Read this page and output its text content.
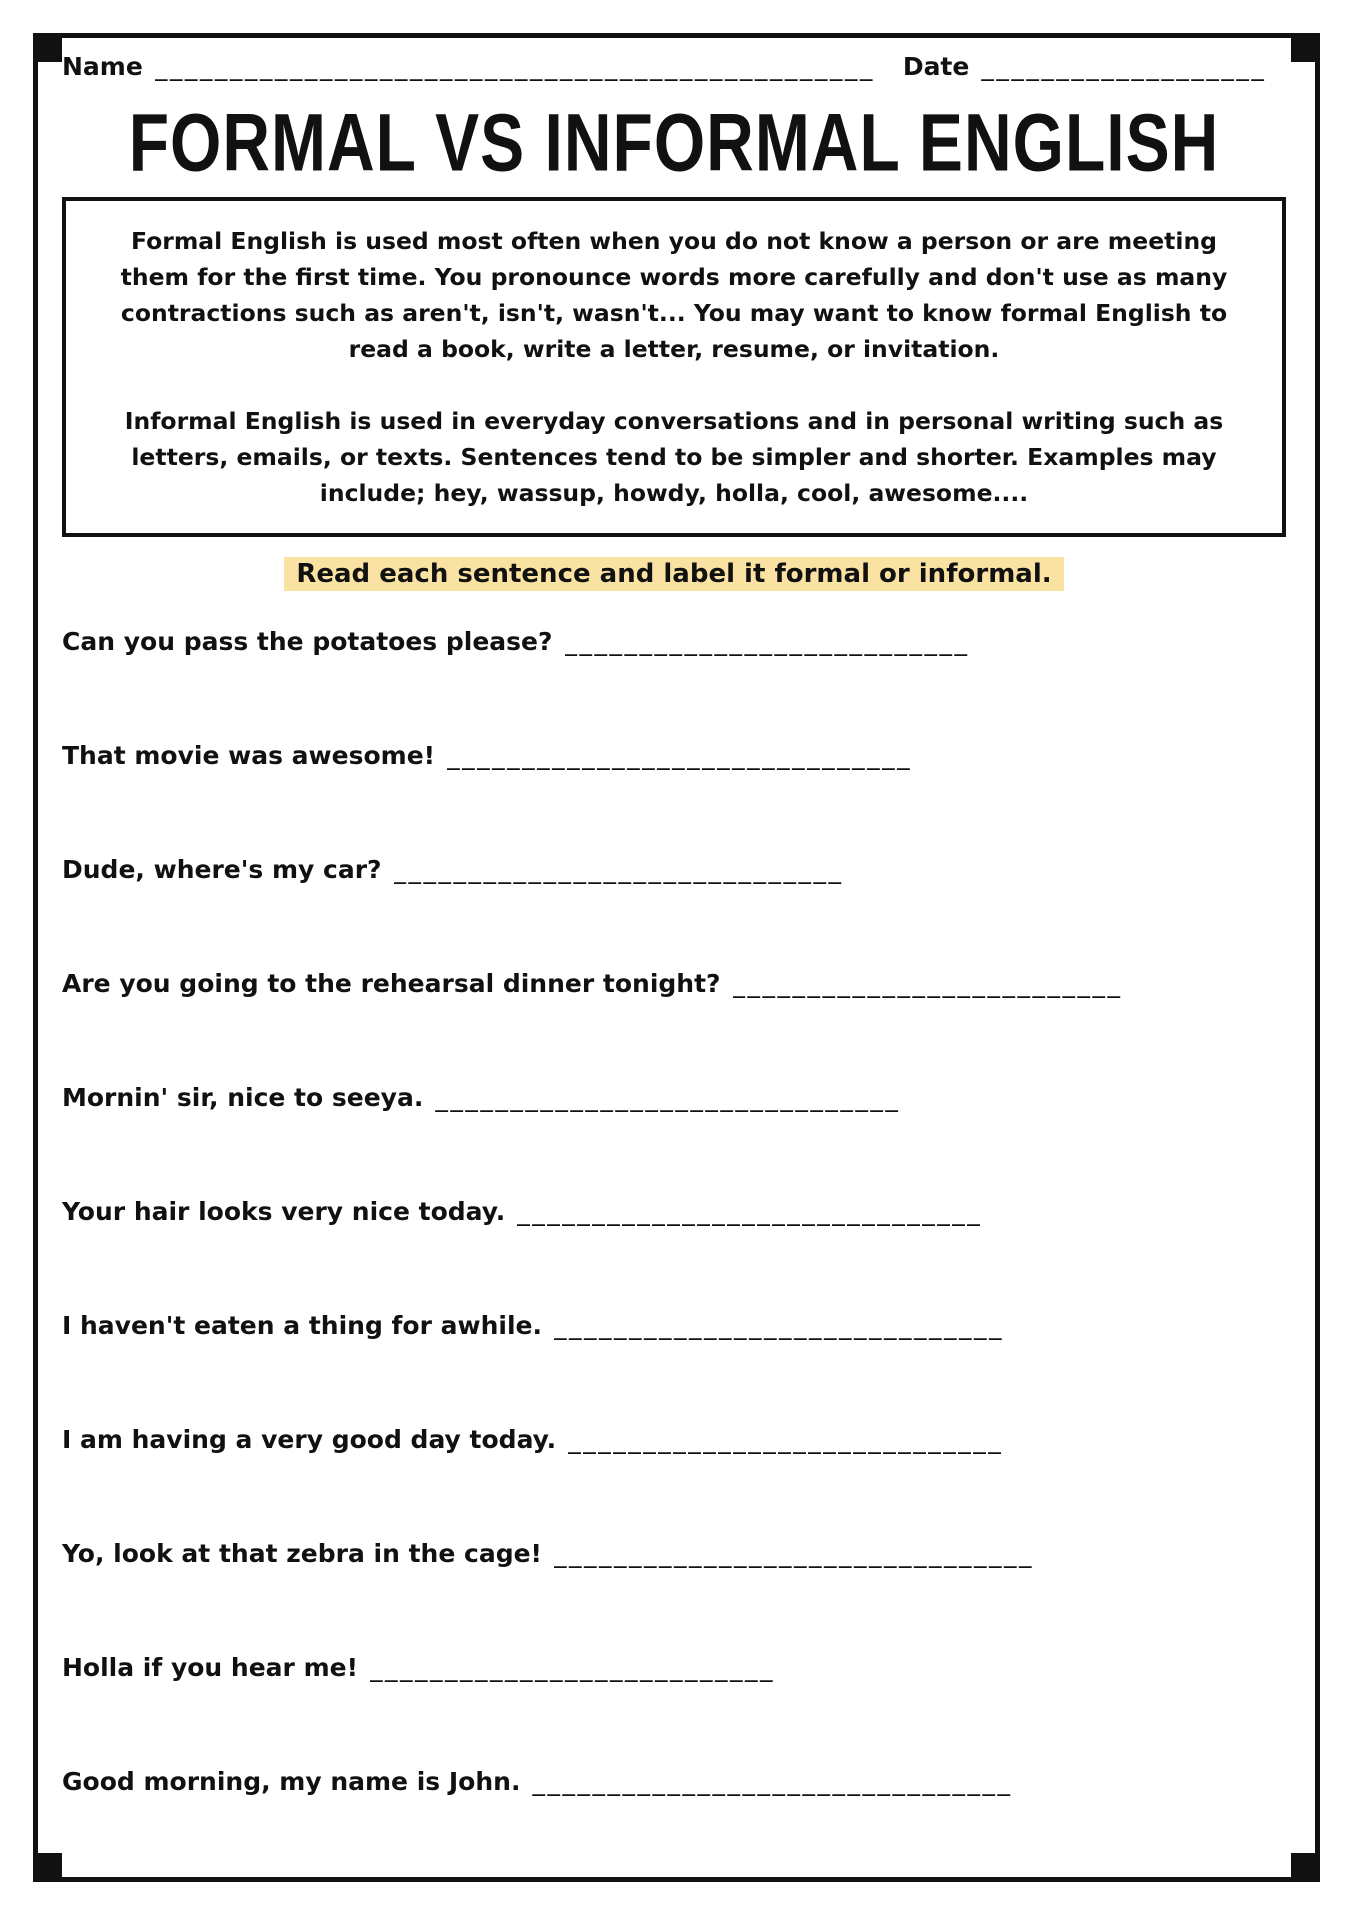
Name ________________________________________________ Date ___________________
FORMAL VS INFORMAL ENGLISH

Formal English is used most often when you do not know a person or are meeting them for the first time. You pronounce words more carefully and don't use as many contractions such as aren't, isn't, wasn't... You may want to know formal English to read a book, write a letter, resume, or invitation.

Informal English is used in everyday conversations and in personal writing such as letters, emails, or texts. Sentences tend to be simpler and shorter. Examples may include; hey, wassup, howdy, holla, cool, awesome....

Read each sentence and label it formal or informal.
Can you pass the potatoes please? ___________________________
That movie was awesome! _______________________________
Dude, where's my car? ______________________________
Are you going to the rehearsal dinner tonight? __________________________
Mornin' sir, nice to seeya. _______________________________
Your hair looks very nice today. _______________________________
I haven't eaten a thing for awhile. ______________________________
I am having a very good day today. _____________________________
Yo, look at that zebra in the cage! ________________________________
Holla if you hear me! ___________________________
Good morning, my name is John. ________________________________
